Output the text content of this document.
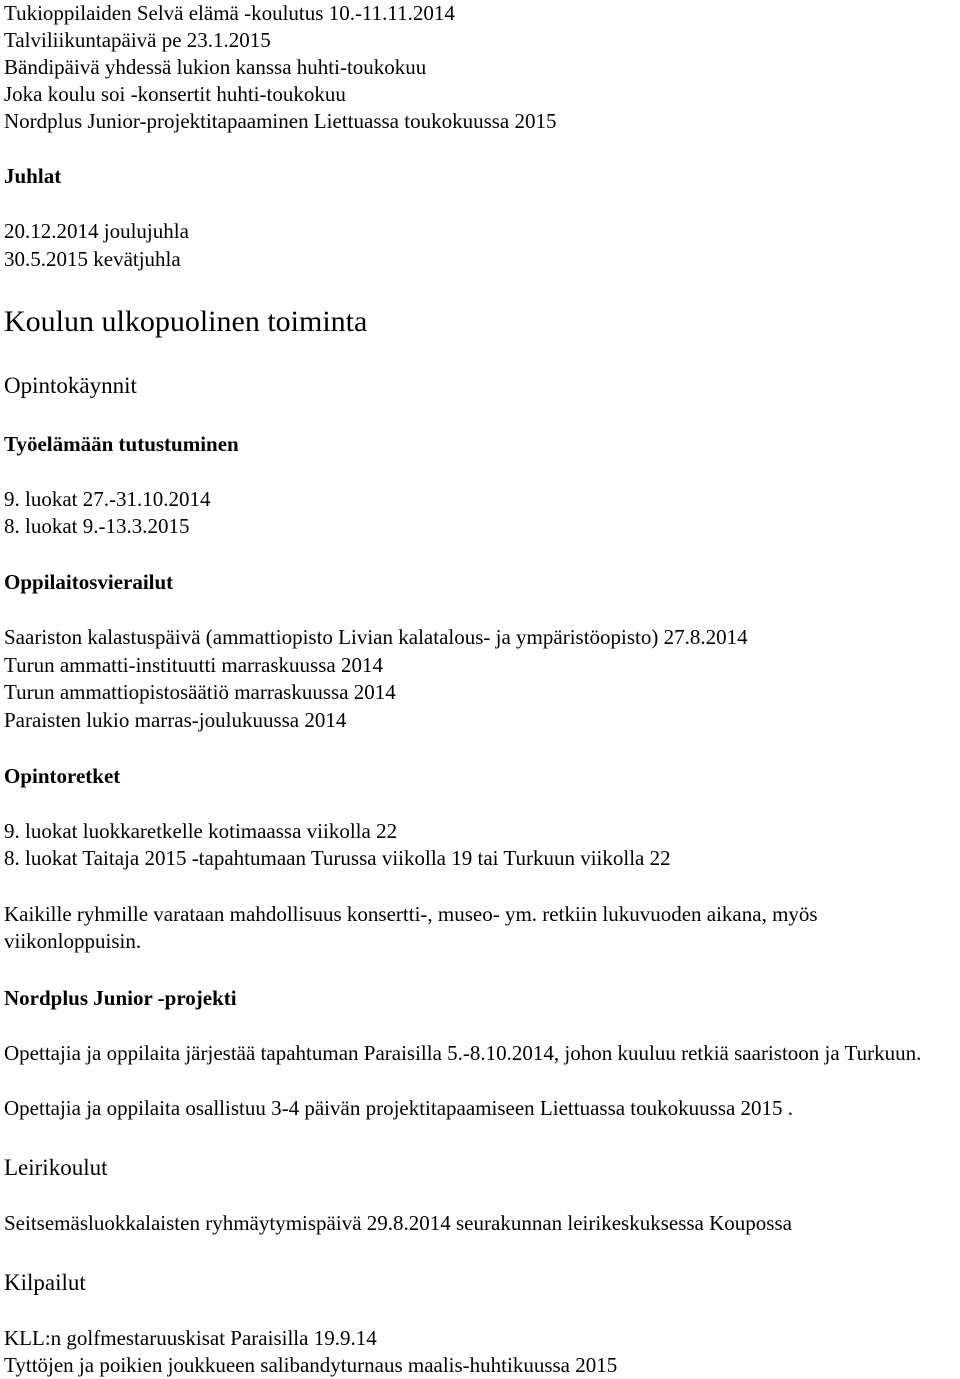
Tukioppilaiden Selvä elämä -koulutus 10.-11.11.2014
Talviliikuntapäivä pe 23.1.2015
Bändipäivä yhdessä lukion kanssa huhti-toukokuu
Joka koulu soi -konsertit huhti-toukokuu
Nordplus Junior-projektitapaaminen Liettuassa toukokuussa 2015
Juhlat
20.12.2014 joulujuhla
30.5.2015 kevätjuhla
Koulun ulkopuolinen toiminta
Opintokäynnit
Työelämään tutustuminen
9. luokat 27.-31.10.2014
8. luokat 9.-13.3.2015
Oppilaitosvierailut
Saariston kalastuspäivä (ammattiopisto Livian kalatalous- ja ympäristöopisto) 27.8.2014
Turun ammatti-instituutti marraskuussa 2014
Turun ammattiopistosäätiö marraskuussa 2014
Paraisten lukio marras-joulukuussa 2014
Opintoretket
9. luokat luokkaretkelle kotimaassa viikolla 22
8. luokat Taitaja 2015 -tapahtumaan Turussa viikolla 19 tai Turkuun viikolla 22
Kaikille ryhmille varataan mahdollisuus konsertti-, museo- ym. retkiin lukuvuoden aikana, myös viikonloppuisin.
Nordplus Junior -projekti
Opettajia ja oppilaita järjestää tapahtuman Paraisilla 5.-8.10.2014, johon kuuluu retkiä saaristoon ja Turkuun.
Opettajia ja oppilaita osallistuu 3-4 päivän projektitapaamiseen Liettuassa toukokuussa 2015 .
Leirikoulut
Seitsemäsluokkalaisten ryhmäytymispäivä 29.8.2014 seurakunnan leirikeskuksessa Koupossa
Kilpailut
KLL:n golfmestaruuskisat Paraisilla 19.9.14
Tyttöjen ja poikien joukkueen salibandyturnaus maalis-huhtikuussa 2015
